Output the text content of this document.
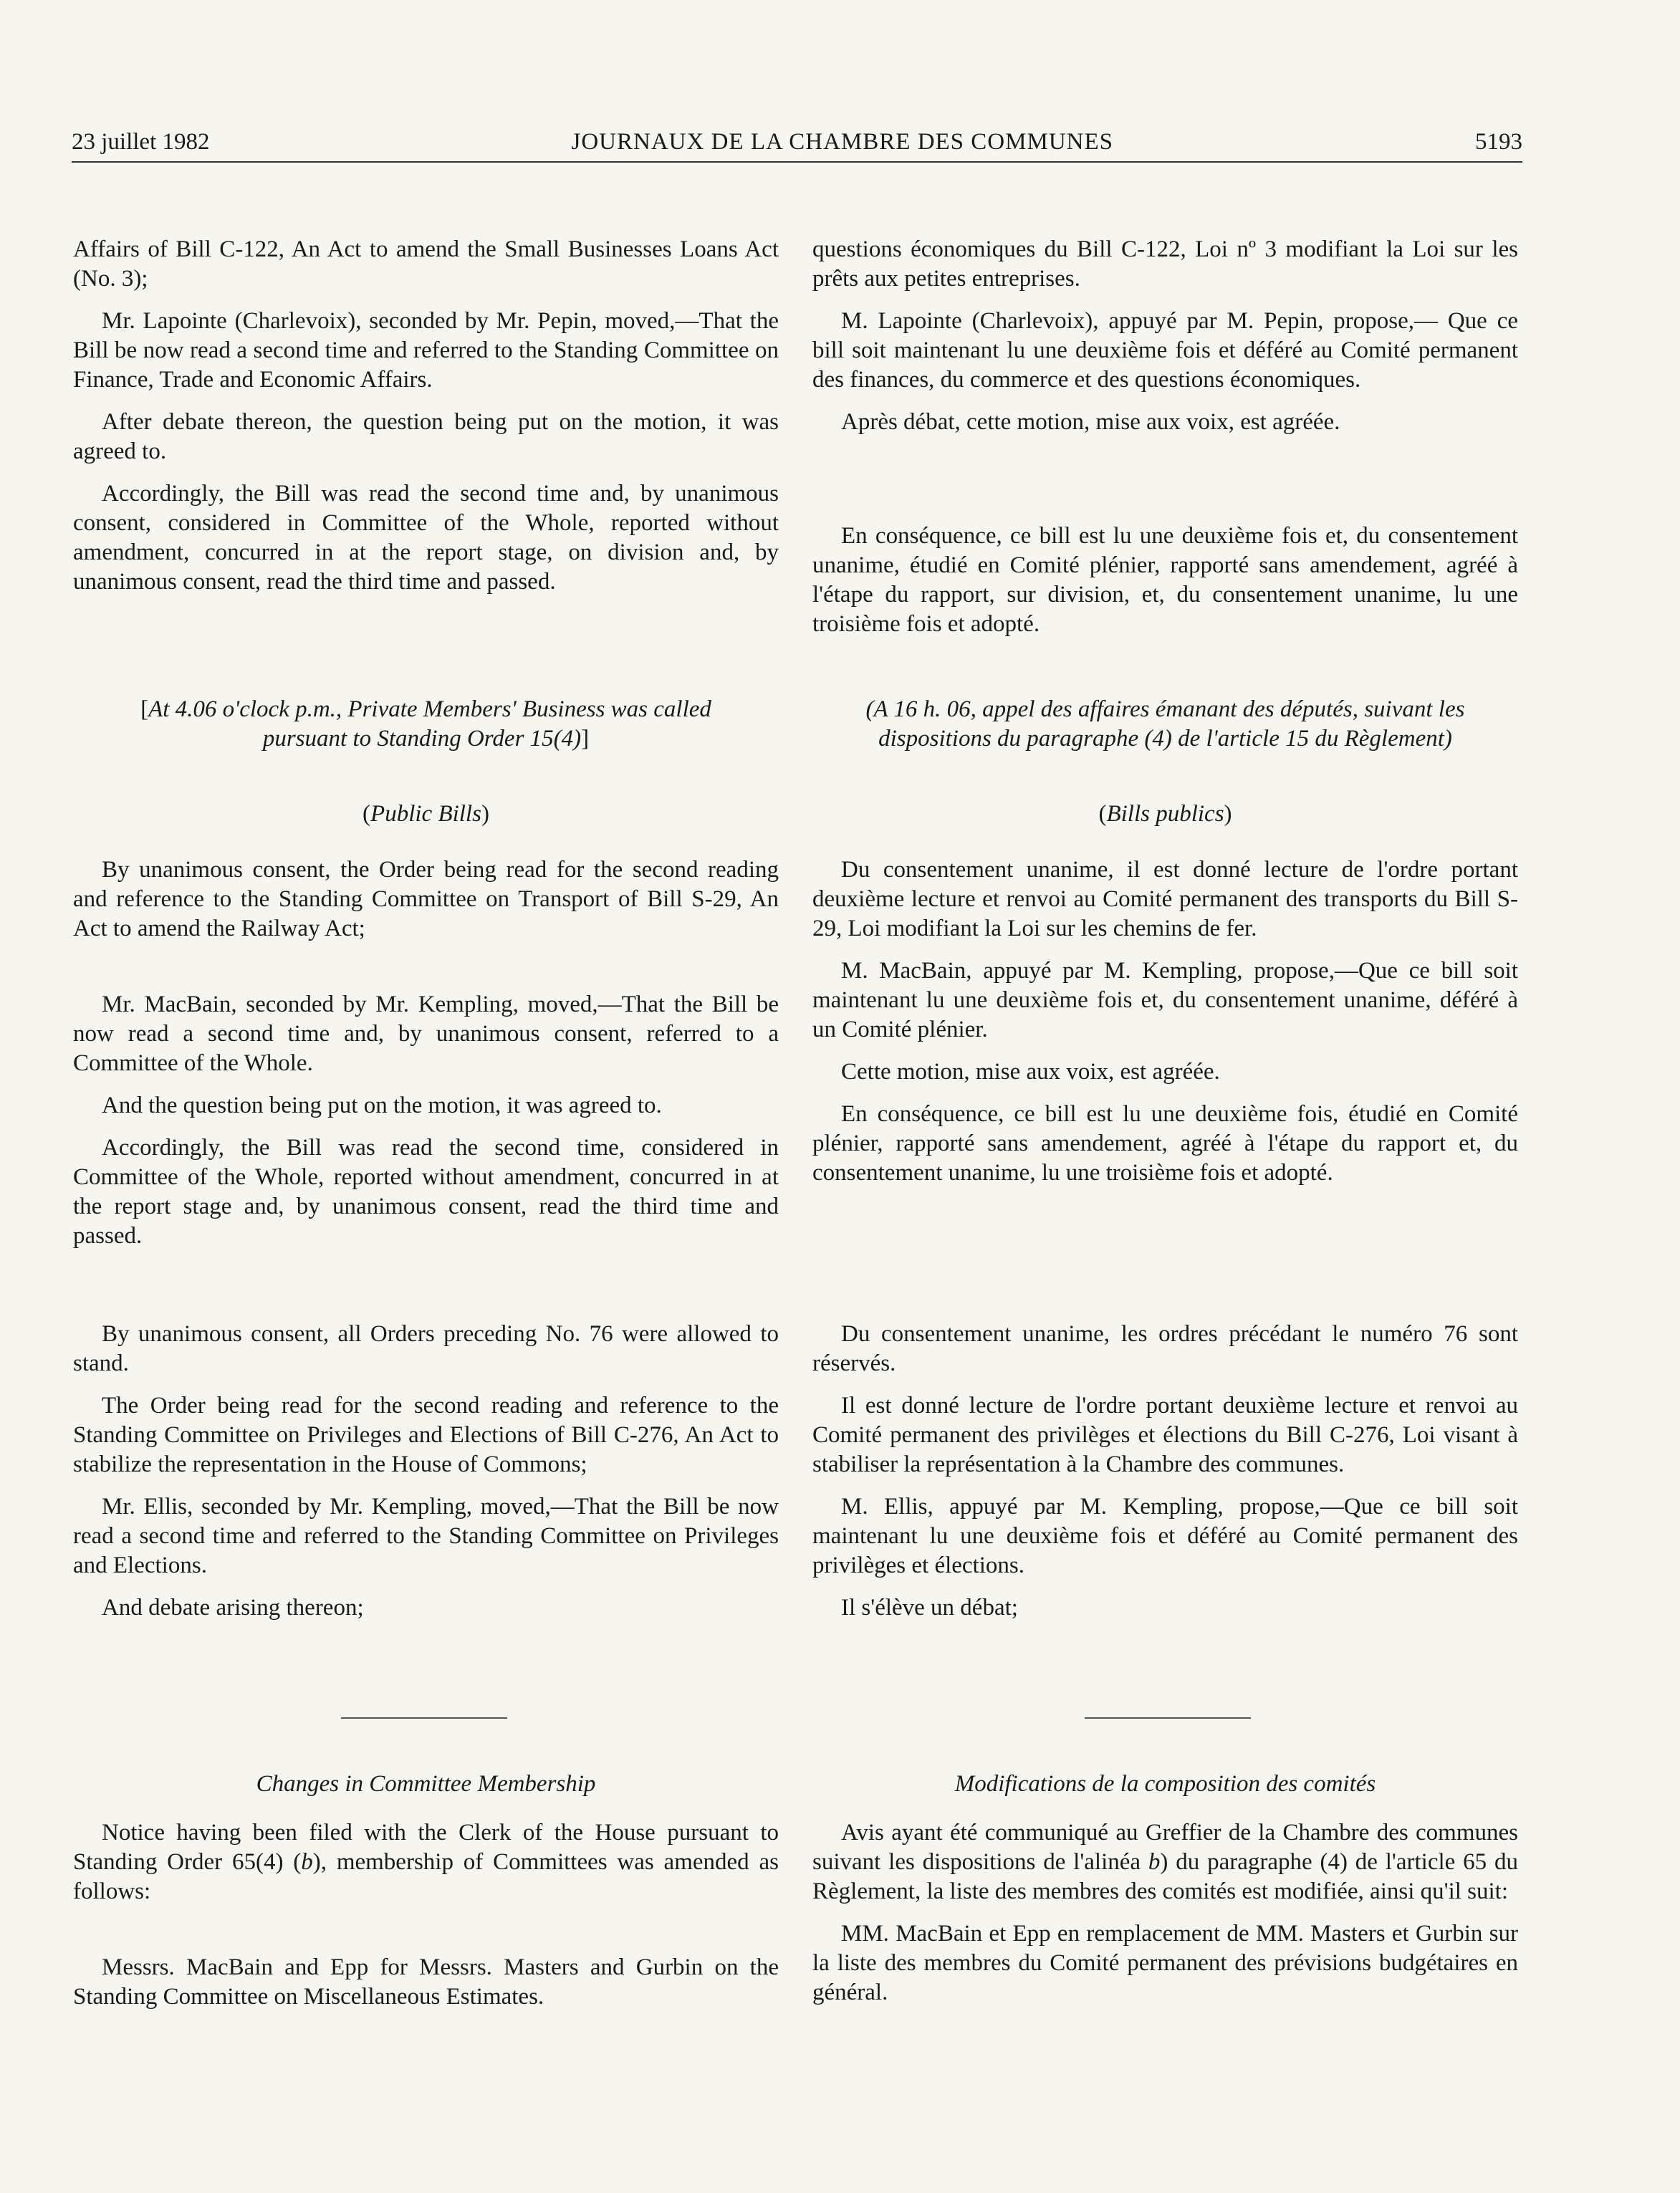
23 juillet 1982	JOURNAUX DE LA CHAMBRE DES COMMUNES	5193

Affairs of Bill C-122, An Act to amend the Small Businesses Loans Act (No. 3);

Mr. Lapointe (Charlevoix), seconded by Mr. Pepin, moved,—That the Bill be now read a second time and referred to the Standing Committee on Finance, Trade and Economic Affairs.

After debate thereon, the question being put on the motion, it was agreed to.

Accordingly, the Bill was read the second time and, by unanimous consent, considered in Committee of the Whole, reported without amendment, concurred in at the report stage, on division and, by unanimous consent, read the third time and passed.

[At 4.06 o'clock p.m., Private Members' Business was called pursuant to Standing Order 15(4)]

(Public Bills)

By unanimous consent, the Order being read for the second reading and reference to the Standing Committee on Transport of Bill S-29, An Act to amend the Railway Act;

Mr. MacBain, seconded by Mr. Kempling, moved,—That the Bill be now read a second time and, by unanimous consent, referred to a Committee of the Whole.

And the question being put on the motion, it was agreed to.

Accordingly, the Bill was read the second time, considered in Committee of the Whole, reported without amendment, concurred in at the report stage and, by unanimous consent, read the third time and passed.

By unanimous consent, all Orders preceding No. 76 were allowed to stand.

The Order being read for the second reading and reference to the Standing Committee on Privileges and Elections of Bill C-276, An Act to stabilize the representation in the House of Commons;

Mr. Ellis, seconded by Mr. Kempling, moved,—That the Bill be now read a second time and referred to the Standing Committee on Privileges and Elections.

And debate arising thereon;

Changes in Committee Membership

Notice having been filed with the Clerk of the House pursuant to Standing Order 65(4) (b), membership of Committees was amended as follows:

Messrs. MacBain and Epp for Messrs. Masters and Gurbin on the Standing Committee on Miscellaneous Estimates.

questions économiques du Bill C-122, Loi nº 3 modifiant la Loi sur les prêts aux petites entreprises.

M. Lapointe (Charlevoix), appuyé par M. Pepin, propose,— Que ce bill soit maintenant lu une deuxième fois et déféré au Comité permanent des finances, du commerce et des questions économiques.

Après débat, cette motion, mise aux voix, est agréée.

En conséquence, ce bill est lu une deuxième fois et, du consentement unanime, étudié en Comité plénier, rapporté sans amendement, agréé à l'étape du rapport, sur division, et, du consentement unanime, lu une troisième fois et adopté.

(A 16 h. 06, appel des affaires émanant des députés, suivant les dispositions du paragraphe (4) de l'article 15 du Règlement)

(Bills publics)

Du consentement unanime, il est donné lecture de l'ordre portant deuxième lecture et renvoi au Comité permanent des transports du Bill S-29, Loi modifiant la Loi sur les chemins de fer.

M. MacBain, appuyé par M. Kempling, propose,—Que ce bill soit maintenant lu une deuxième fois et, du consentement unanime, déféré à un Comité plénier.

Cette motion, mise aux voix, est agréée.

En conséquence, ce bill est lu une deuxième fois, étudié en Comité plénier, rapporté sans amendement, agréé à l'étape du rapport et, du consentement unanime, lu une troisième fois et adopté.

Du consentement unanime, les ordres précédant le numéro 76 sont réservés.

Il est donné lecture de l'ordre portant deuxième lecture et renvoi au Comité permanent des privilèges et élections du Bill C-276, Loi visant à stabiliser la représentation à la Chambre des communes.

M. Ellis, appuyé par M. Kempling, propose,—Que ce bill soit maintenant lu une deuxième fois et déféré au Comité permanent des privilèges et élections.

Il s'élève un débat;

Modifications de la composition des comités

Avis ayant été communiqué au Greffier de la Chambre des communes suivant les dispositions de l'alinéa b) du paragraphe (4) de l'article 65 du Règlement, la liste des membres des comités est modifiée, ainsi qu'il suit:

MM. MacBain et Epp en remplacement de MM. Masters et Gurbin sur la liste des membres du Comité permanent des prévisions budgétaires en général.
